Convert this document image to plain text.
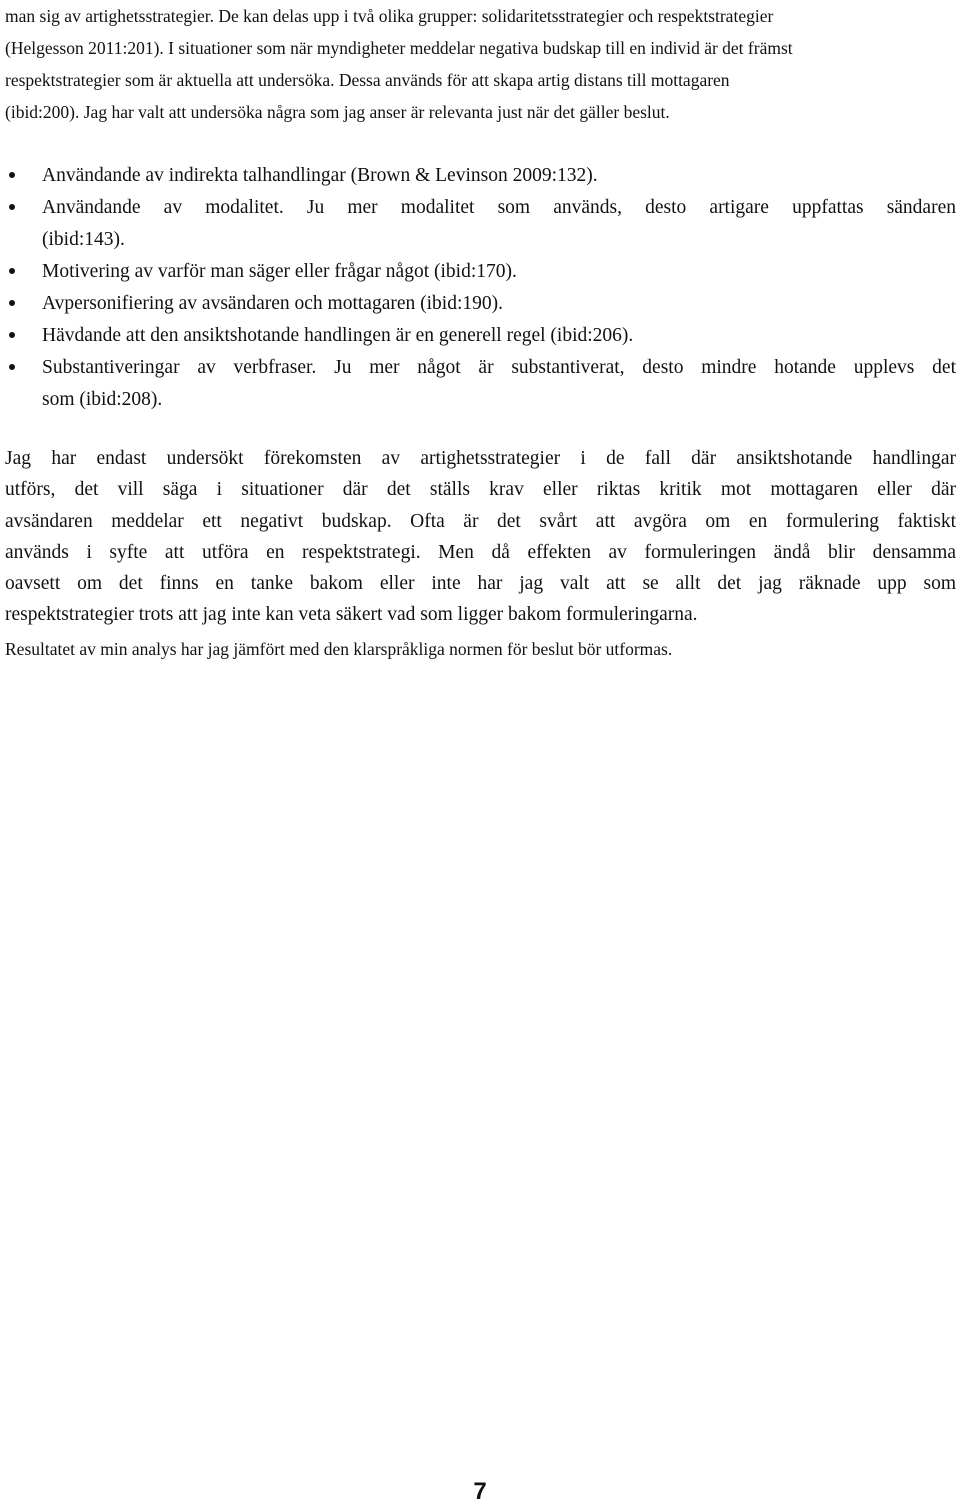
man sig av artighetsstrategier. De kan delas upp i två olika grupper: solidaritetsstrategier och respektstrategier
(Helgesson 2011:201). I situationer som när myndigheter meddelar negativa budskap till en individ är det främst
respektstrategier som är aktuella att undersöka. Dessa används för att skapa artig distans till mottagaren
(ibid:200). Jag har valt att undersöka några som jag anser är relevanta just när det gäller beslut.

Användande av indirekta talhandlingar (Brown & Levinson 2009:132).
Användande av modalitet. Ju mer modalitet som används, desto artigare uppfattas sändaren
(ibid:143).
Motivering av varför man säger eller frågar något (ibid:170).
Avpersonifiering av avsändaren och mottagaren (ibid:190).
Hävdande att den ansiktshotande handlingen är en generell regel (ibid:206).
Substantiveringar av verbfraser. Ju mer något är substantiverat, desto mindre hotande upplevs det
som (ibid:208).

Jag har endast undersökt förekomsten av artighetsstrategier i de fall där ansiktshotande handlingar
utförs, det vill säga i situationer där det ställs krav eller riktas kritik mot mottagaren eller där
avsändaren meddelar ett negativt budskap. Ofta är det svårt att avgöra om en formulering faktiskt
används i syfte att utföra en respektstrategi. Men då effekten av formuleringen ändå blir densamma
oavsett om det finns en tanke bakom eller inte har jag valt att se allt det jag räknade upp som
respektstrategier trots att jag inte kan veta säkert vad som ligger bakom formuleringarna.

Resultatet av min analys har jag jämfört med den klarspråkliga normen för beslut bör utformas.

7
